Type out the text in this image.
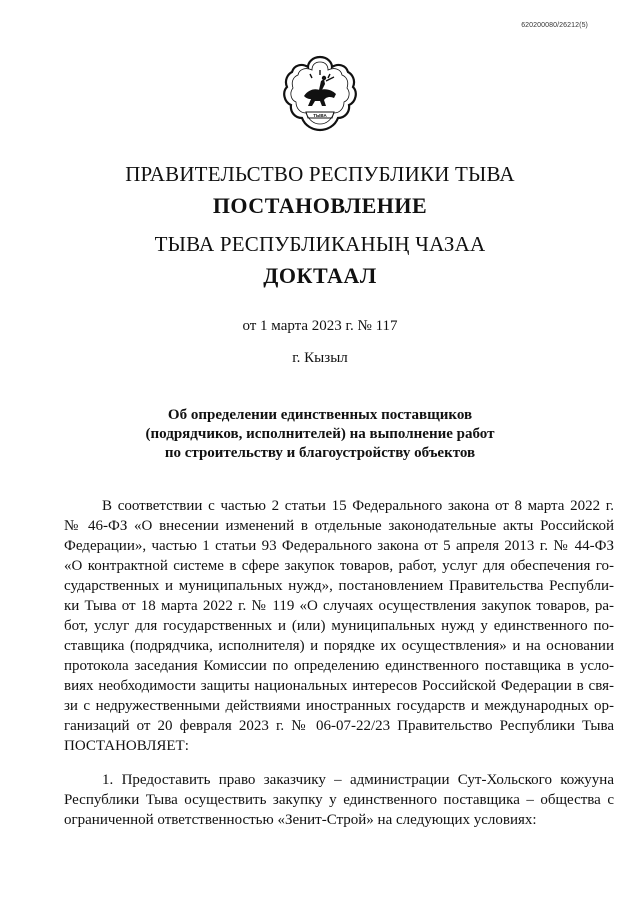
620200080/26212(5)
ТЫВА
ПРАВИТЕЛЬСТВО РЕСПУБЛИКИ ТЫВА
ПОСТАНОВЛЕНИЕ
ТЫВА РЕСПУБЛИКАНЫҢ ЧАЗАА
ДОКТААЛ
от 1 марта 2023 г. № 117
г. Кызыл
Об определении единственных поставщиков
(подрядчиков, исполнителей) на выполнение работ
по строительству и благоустройству объектов
В соответствии с частью 2 статьи 15 Федерального закона от 8 марта 2022 г.
№ 46-ФЗ «О внесении изменений в отдельные законодательные акты Российской
Федерации», частью 1 статьи 93 Федерального закона от 5 апреля 2013 г. № 44-ФЗ
«О контрактной системе в сфере закупок товаров, работ, услуг для обеспечения го-
сударственных и муниципальных нужд», постановлением Правительства Республи-
ки Тыва от 18 марта 2022 г. № 119 «О случаях осуществления закупок товаров, ра-
бот, услуг для государственных и (или) муниципальных нужд у единственного по-
ставщика (подрядчика, исполнителя) и порядке их осуществления» и на основании
протокола заседания Комиссии по определению единственного поставщика в усло-
виях необходимости защиты национальных интересов Российской Федерации в свя-
зи с недружественными действиями иностранных государств и международных ор-
ганизаций от 20 февраля 2023 г. № 06-07-22/23 Правительство Республики Тыва
ПОСТАНОВЛЯЕТ:
1. Предоставить право заказчику – администрации Сут-Хольского кожууна
Республики Тыва осуществить закупку у единственного поставщика – общества с
ограниченной ответственностью «Зенит-Строй» на следующих условиях:
